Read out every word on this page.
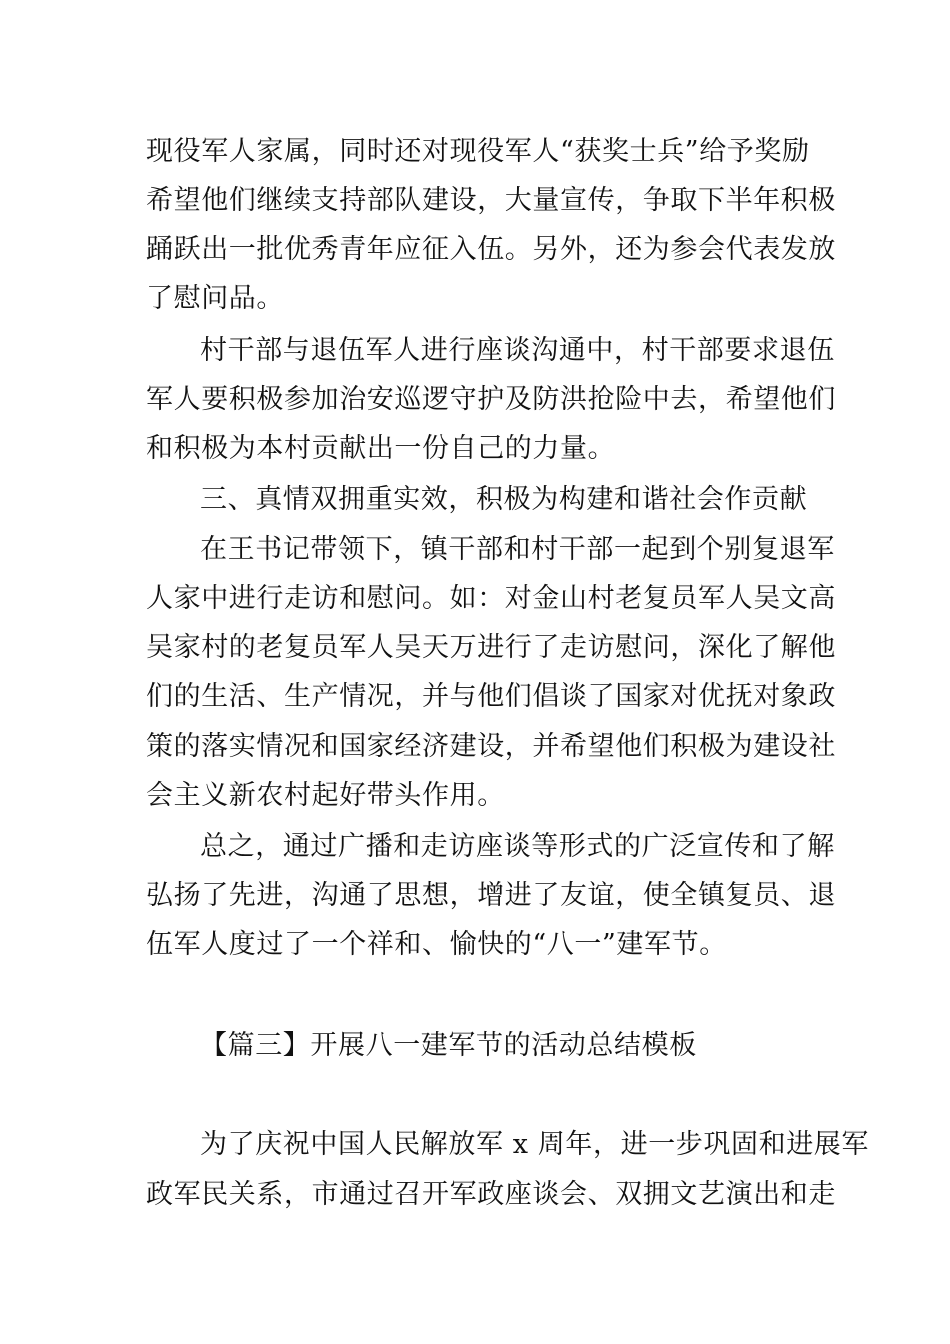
现役军人家属，同时还对现役军人“获奖士兵”给予奖励
希望他们继续支持部队建设，大量宣传，争取下半年积极
踊跃出一批优秀青年应征入伍。另外，还为参会代表发放
了慰问品。
村干部与退伍军人进行座谈沟通中，村干部要求退伍
军人要积极参加治安巡逻守护及防洪抢险中去，希望他们
和积极为本村贡献出一份自己的力量。
三、真情双拥重实效，积极为构建和谐社会作贡献
在王书记带领下，镇干部和村干部一起到个别复退军
人家中进行走访和慰问。如：对金山村老复员军人吴文高
吴家村的老复员军人吴天万进行了走访慰问，深化了解他
们的生活、生产情况，并与他们倡谈了国家对优抚对象政
策的落实情况和国家经济建设，并希望他们积极为建设社
会主义新农村起好带头作用。
总之，通过广播和走访座谈等形式的广泛宣传和了解
弘扬了先进，沟通了思想，增进了友谊，使全镇复员、退
伍军人度过了一个祥和、愉快的“八一”建军节。
【篇三】开展八一建军节的活动总结模板
为了庆祝中国人民解放军 x 周年，进一步巩固和进展军
政军民关系，市通过召开军政座谈会、双拥文艺演出和走
